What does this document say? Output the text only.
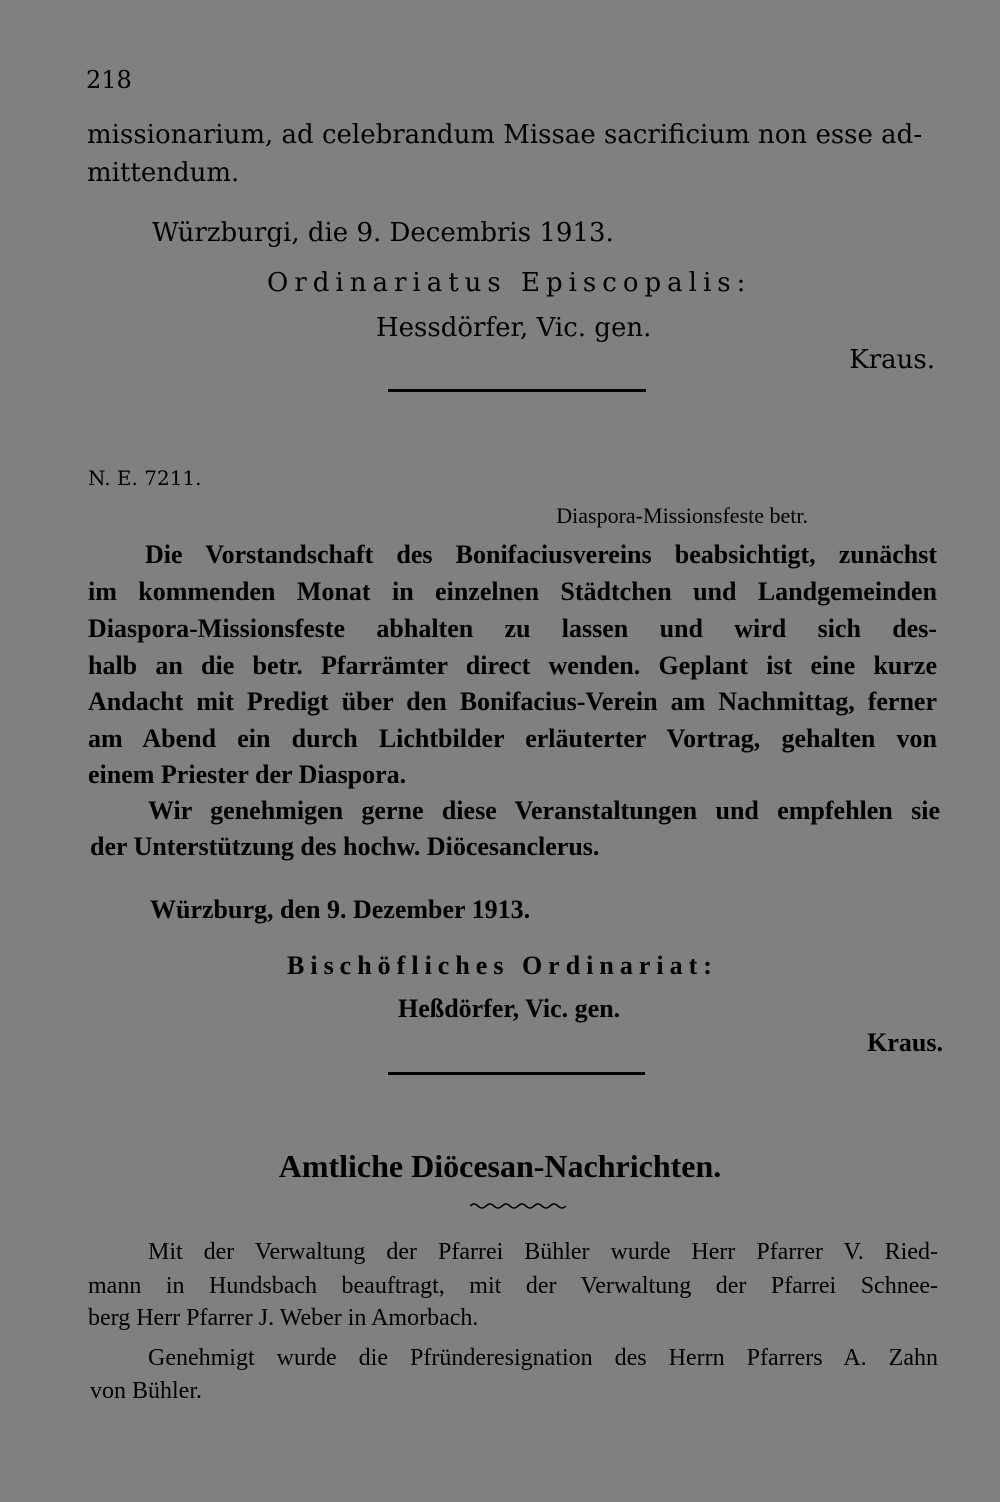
218
missionarium, ad celebrandum Missae sacrificium non esse ad-
mittendum.
Würzburgi, die 9. Decembris 1913.
Ordinariatus Episcopalis:
Hessdörfer, Vic. gen.
Kraus.
N. E. 7211.
Diaspora-Missionsfeste betr.
Die Vorstandschaft des Bonifaciusvereins beabsichtigt, zunächst
im kommenden Monat in einzelnen Städtchen und Landgemeinden
Diaspora-Missionsfeste abhalten zu lassen und wird sich des-
halb an die betr. Pfarrämter direct wenden. Geplant ist eine kurze
Andacht mit Predigt über den Bonifacius-Verein am Nachmittag, ferner
am Abend ein durch Lichtbilder erläuterter Vortrag, gehalten von
einem Priester der Diaspora.
Wir genehmigen gerne diese Veranstaltungen und empfehlen sie
der Unterstützung des hochw. Diöcesanclerus.
Würzburg, den 9. Dezember 1913.
Bischöfliches Ordinariat:
Heßdörfer, Vic. gen.
Kraus.
Amtliche Diöcesan-Nachrichten.
Mit der Verwaltung der Pfarrei Bühler wurde Herr Pfarrer V. Ried-
mann in Hundsbach beauftragt, mit der Verwaltung der Pfarrei Schnee-
berg Herr Pfarrer J. Weber in Amorbach.
Genehmigt wurde die Pfründeresignation des Herrn Pfarrers A. Zahn
von Bühler.
